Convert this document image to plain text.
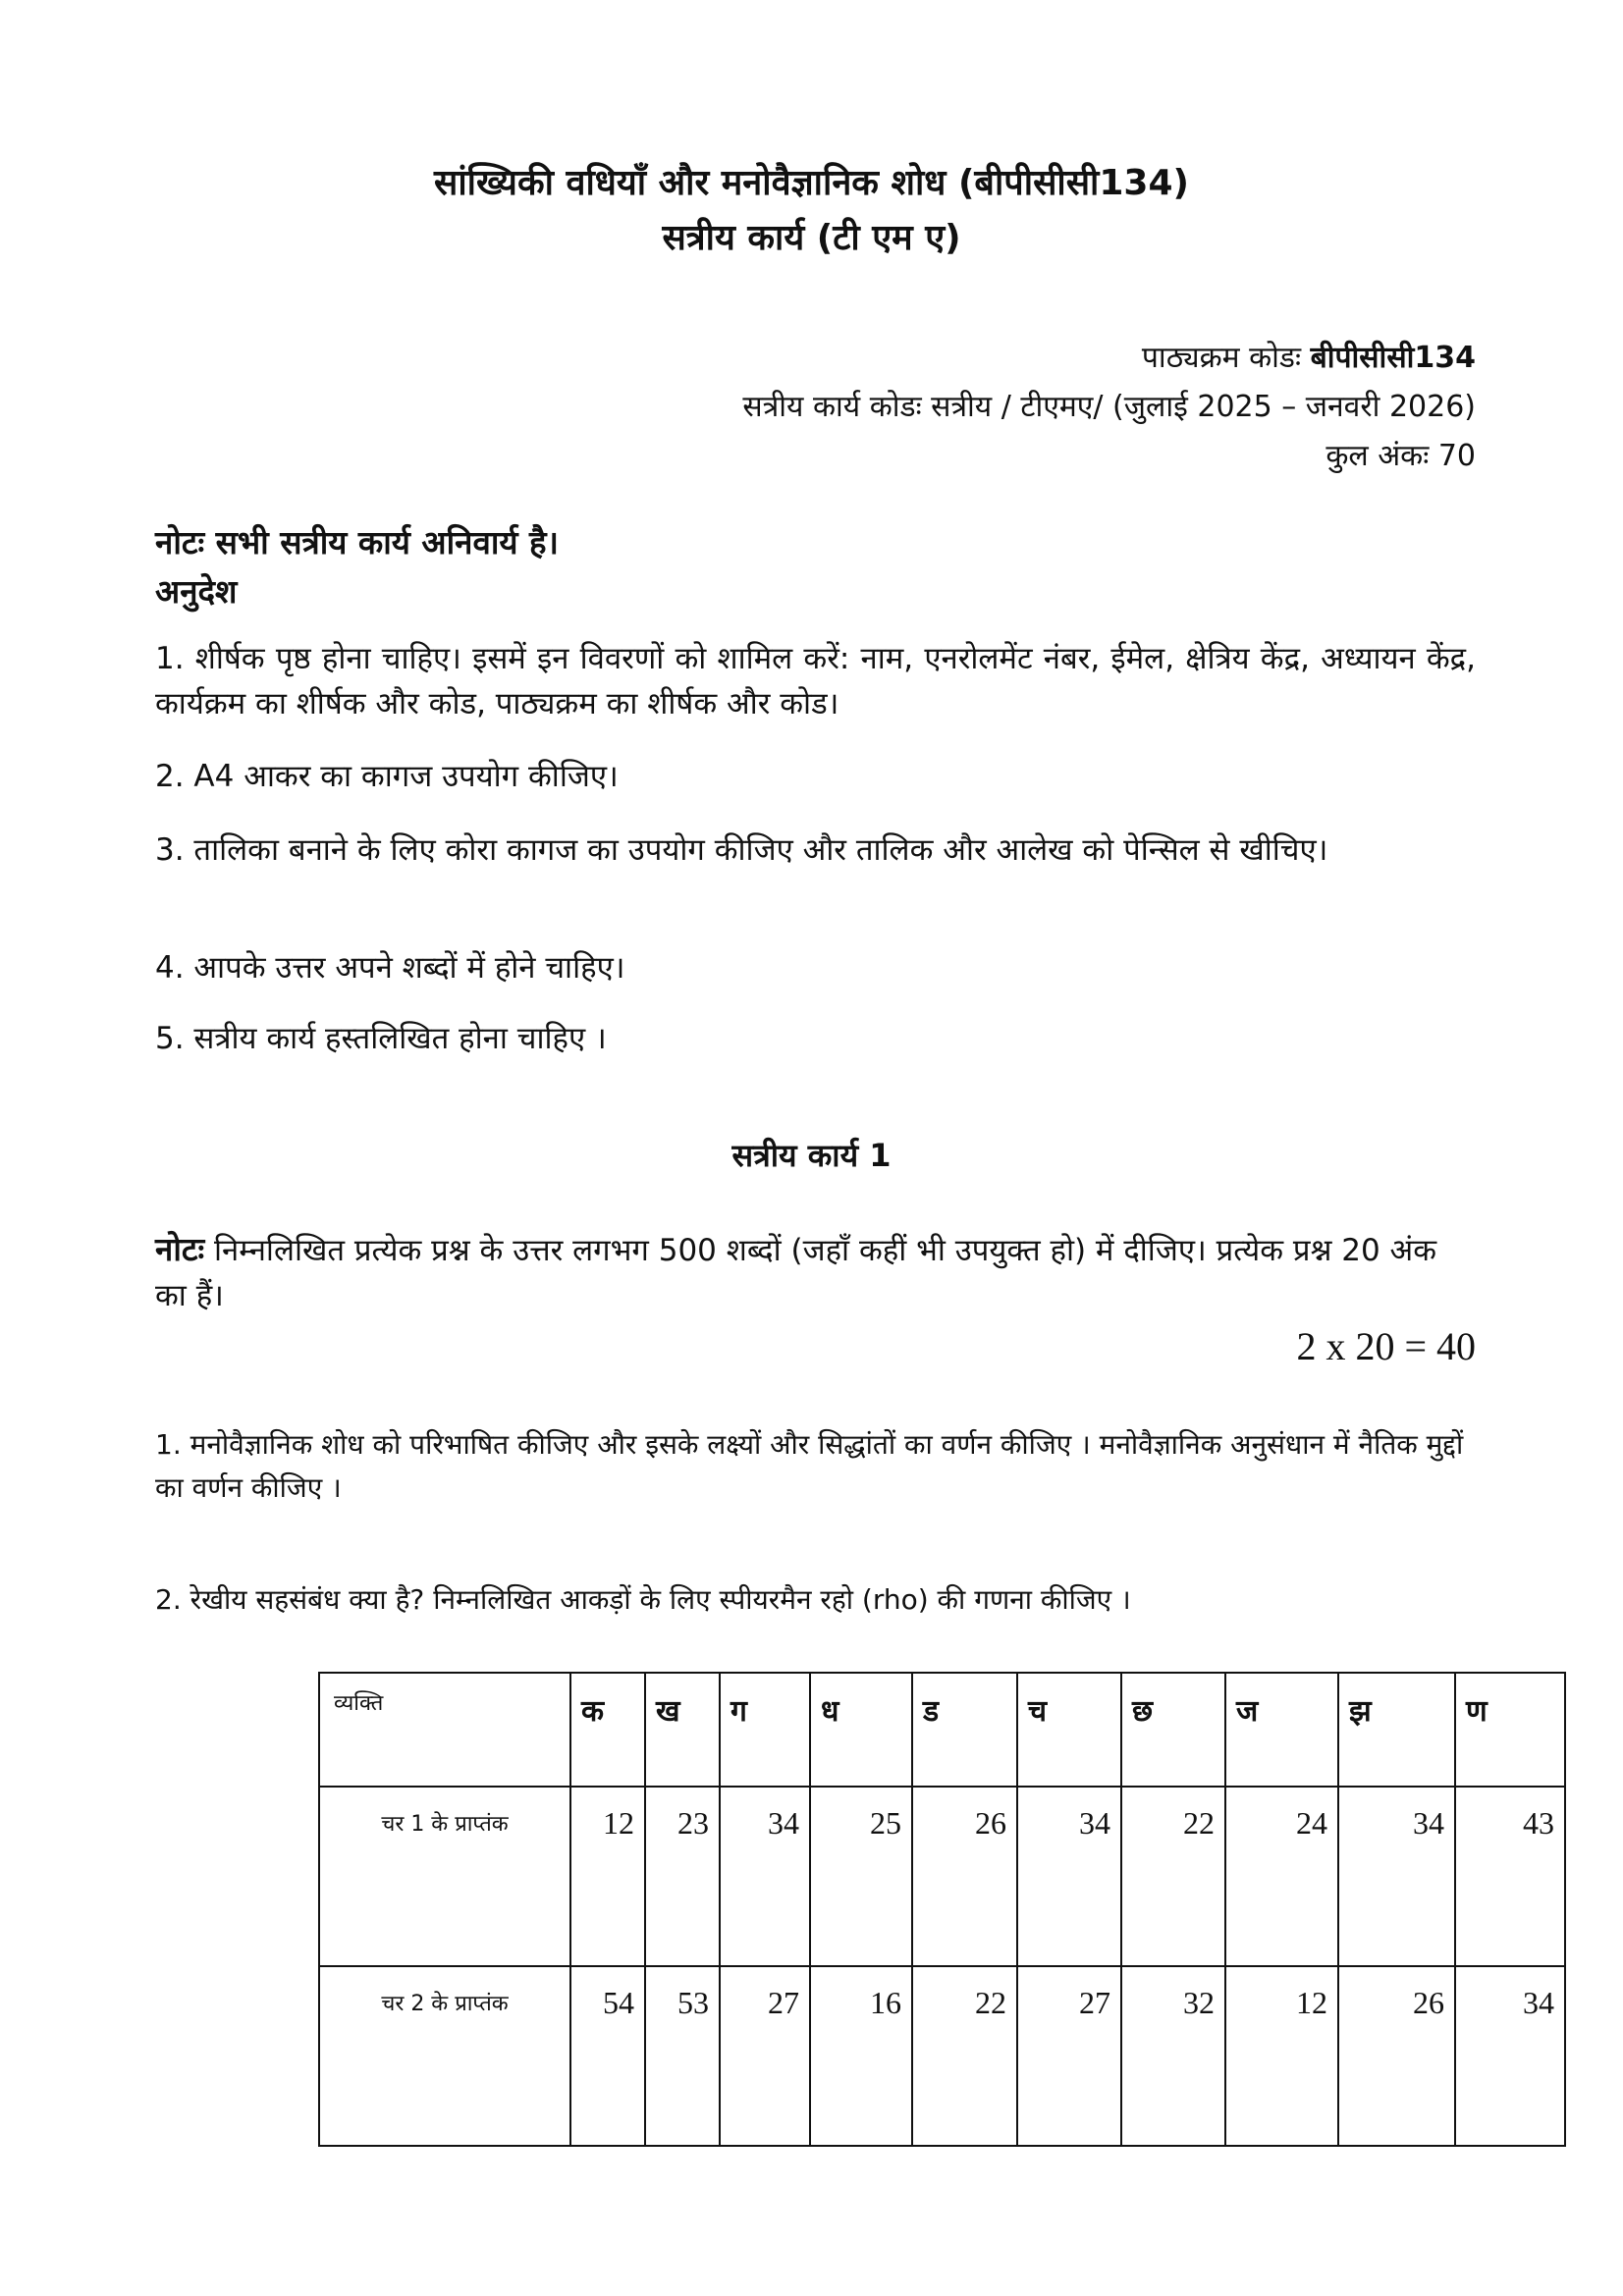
सांख्यिकी वधियाँ और मनोवैज्ञानिक शोध (बीपीसीसी134)
सत्रीय कार्य (टी एम ए)
पाठ्यक्रम कोडः बीपीसीसी134
सत्रीय कार्य कोडः सत्रीय / टीएमए/ (जुलाई 2025 – जनवरी 2026)
कुल अंकः 70
नोटः सभी सत्रीय कार्य अनिवार्य है।
अनुदेश
1. शीर्षक पृष्ठ होना चाहिए। इसमें इन विवरणों को शामिल करें: नाम, एनरोलमेंट नंबर, ईमेल, क्षेत्रिय केंद्र, अध्यायन केंद्र, कार्यक्रम का शीर्षक और कोड, पाठ्यक्रम का शीर्षक और कोड।
2. A4 आकर का कागज उपयोग कीजिए।
3. तालिका बनाने के लिए कोरा कागज का उपयोग कीजिए और तालिक और आलेख को पेन्सिल से खीचिए।
4. आपके उत्तर अपने शब्दों में होने चाहिए।
5. सत्रीय कार्य हस्तलिखित होना चाहिए ।
सत्रीय कार्य 1
नोटः निम्नलिखित प्रत्येक प्रश्न के उत्तर लगभग 500 शब्दों (जहाँ कहीं भी उपयुक्त हो) में दीजिए। प्रत्येक प्रश्न 20 अंक का हैं।
2 x 20 = 40
1. मनोवैज्ञानिक शोध को परिभाषित कीजिए और इसके लक्ष्यों और सिद्धांतों का वर्णन कीजिए । मनोवैज्ञानिक अनुसंधान में नैतिक मुद्दों का वर्णन कीजिए ।
2. रेखीय सहसंबंध क्या है? निम्नलिखित आकड़ों के लिए स्पीयरमैन रहो (rho) की गणना कीजिए ।
व्यक्ति	क	ख	ग	ध	ड	च	छ	ज	झ	ण
चर 1 के प्राप्तंक	12	23	34	25	26	34	22	24	34	43
चर 2 के प्राप्तंक	54	53	27	16	22	27	32	12	26	34
